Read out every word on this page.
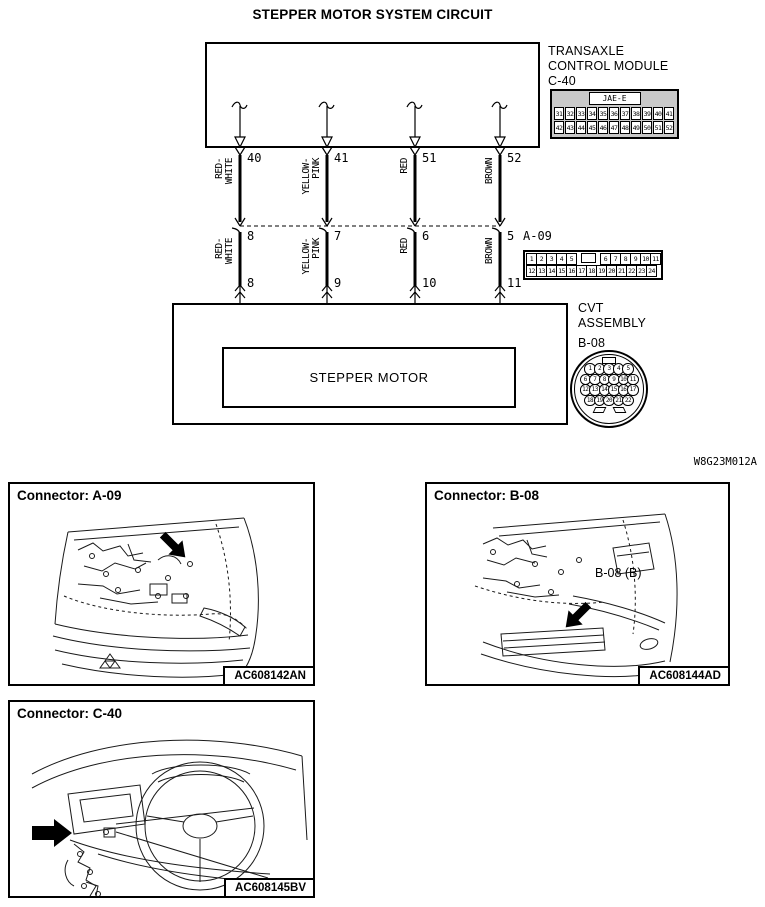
STEPPER MOTOR SYSTEM CIRCUIT
TRANSAXLE
CONTROL MODULE
C-40
JAE-E
31 32 33 34 35 36 37 38 39 40 41
42 43 44 45 46 47 48 49 50 51 52
40	41	51	52
RED- WHITE	YELLOW- PINK	RED	BROWN
8	7	6	5 A-09
RED- WHITE	YELLOW- PINK	RED	BROWN
8	9	10	11
1	2	3	4	5	6	7	8	9 10 11
12 13 14 15 16 17 18 19 20 21 22 23 24
CVT
ASSEMBLY
B-08
1	2	3	4	5
6	7	8	9 10 11
12 13 14 15 16 17
18 19 20 21 22
STEPPER MOTOR
W8G23M012A
Connector: A-09
AC608142AN
Connector: B-08
B-08 (B)
AC608144AD
Connector: C-40
AC608145BV
